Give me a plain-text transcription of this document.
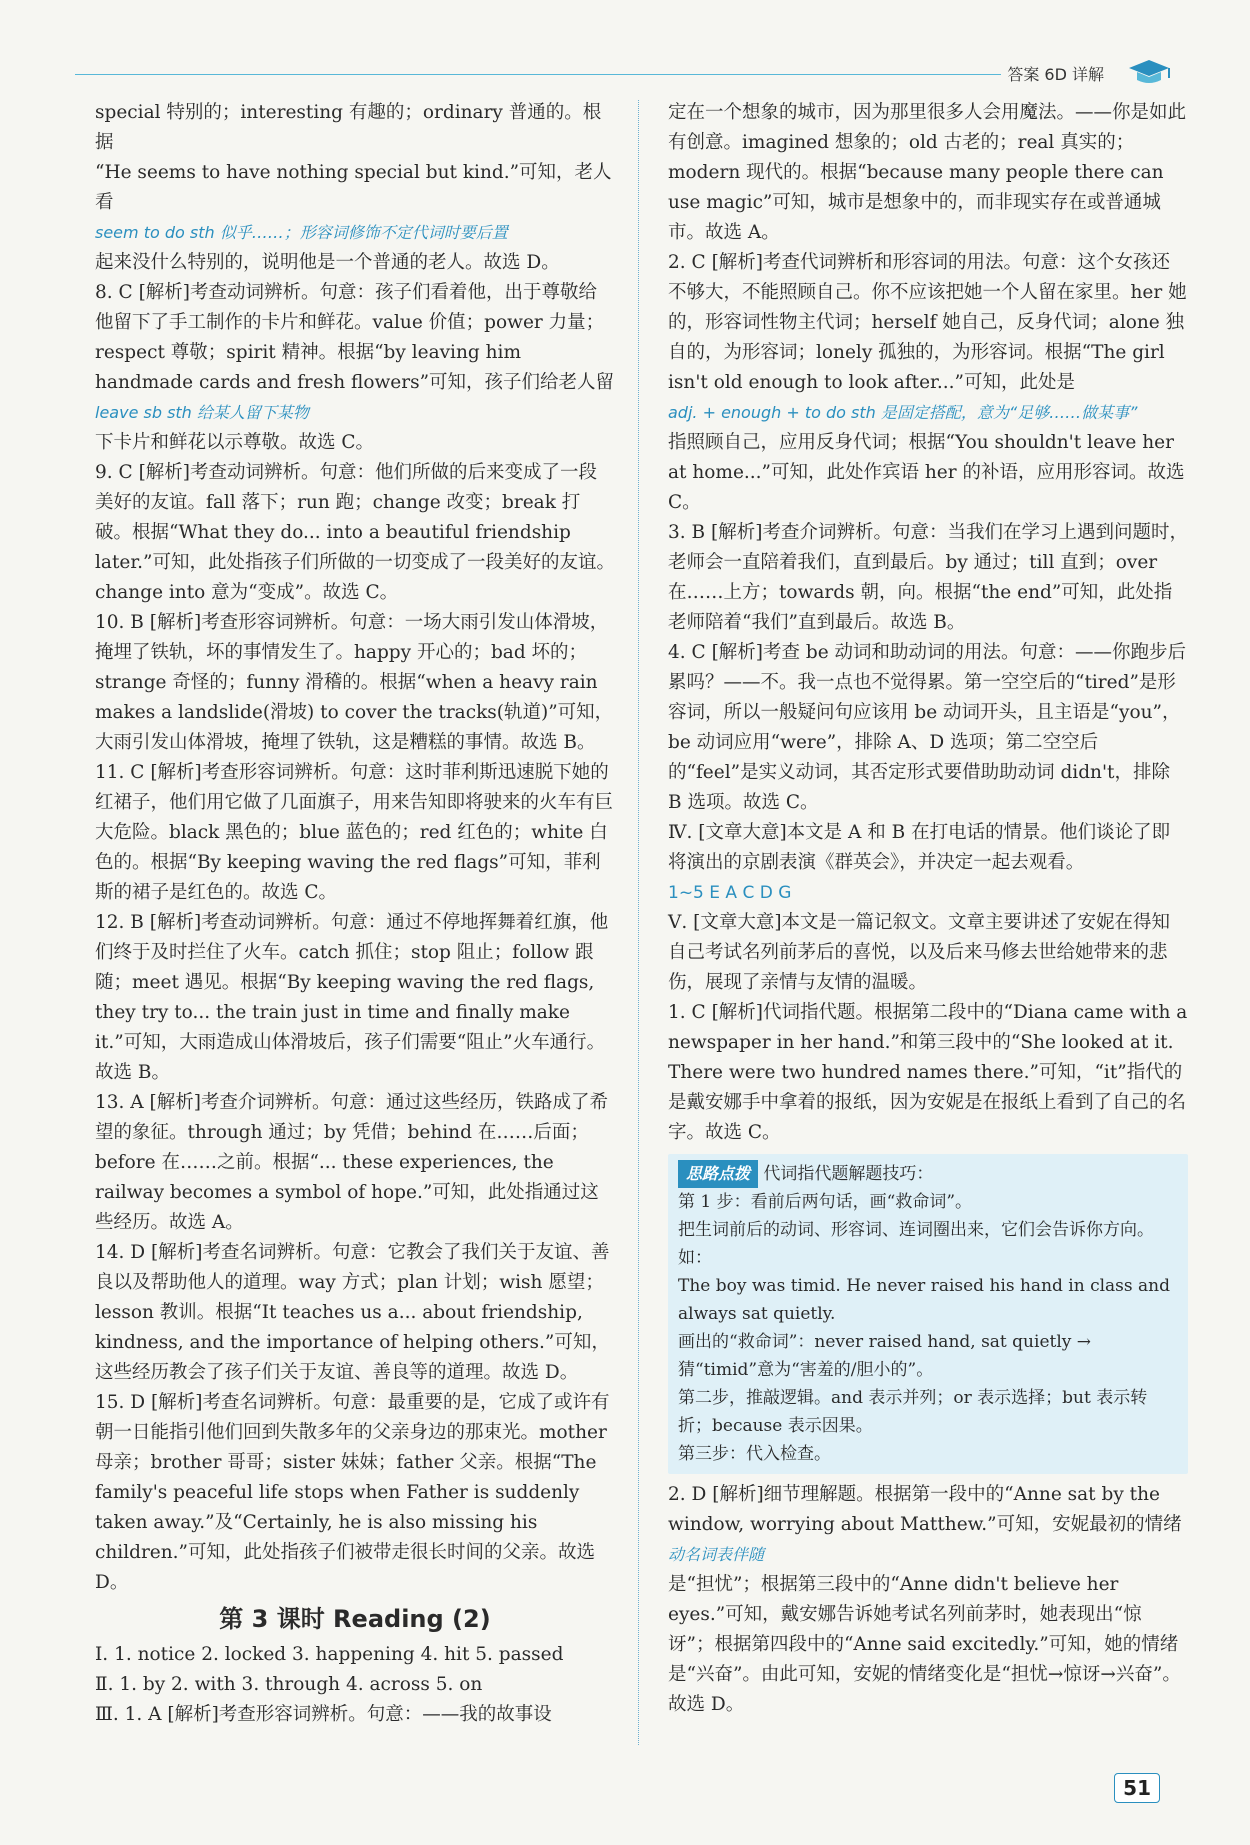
答案 6D 详解

special 特别的；interesting 有趣的；ordinary 普通的。根据

“He seems to have nothing special but kind.”可知，老人看

seem to do sth 似乎……；形容词修饰不定代词时要后置

起来没什么特别的，说明他是一个普通的老人。故选 D。

8. C [解析]考查动词辨析。句意：孩子们看着他，出于尊敬给他留下了手工制作的卡片和鲜花。value 价值；power 力量；respect 尊敬；spirit 精神。根据“by leaving him handmade cards and fresh flowers”可知，孩子们给老人留

leave sb sth 给某人留下某物

下卡片和鲜花以示尊敬。故选 C。

9. C [解析]考查动词辨析。句意：他们所做的后来变成了一段美好的友谊。fall 落下；run 跑；change 改变；break 打破。根据“What they do... into a beautiful friendship later.”可知，此处指孩子们所做的一切变成了一段美好的友谊。change into 意为“变成”。故选 C。

10. B [解析]考查形容词辨析。句意：一场大雨引发山体滑坡，掩埋了铁轨，坏的事情发生了。happy 开心的；bad 坏的；strange 奇怪的；funny 滑稽的。根据“when a heavy rain makes a landslide(滑坡) to cover the tracks(轨道)”可知，大雨引发山体滑坡，掩埋了铁轨，这是糟糕的事情。故选 B。

11. C [解析]考查形容词辨析。句意：这时菲利斯迅速脱下她的红裙子，他们用它做了几面旗子，用来告知即将驶来的火车有巨大危险。black 黑色的；blue 蓝色的；red 红色的；white 白色的。根据“By keeping waving the red flags”可知，菲利斯的裙子是红色的。故选 C。

12. B [解析]考查动词辨析。句意：通过不停地挥舞着红旗，他们终于及时拦住了火车。catch 抓住；stop 阻止；follow 跟随；meet 遇见。根据“By keeping waving the red flags, they try to... the train just in time and finally make it.”可知，大雨造成山体滑坡后，孩子们需要“阻止”火车通行。故选 B。

13. A [解析]考查介词辨析。句意：通过这些经历，铁路成了希望的象征。through 通过；by 凭借；behind 在……后面；before 在……之前。根据“... these experiences, the railway becomes a symbol of hope.”可知，此处指通过这些经历。故选 A。

14. D [解析]考查名词辨析。句意：它教会了我们关于友谊、善良以及帮助他人的道理。way 方式；plan 计划；wish 愿望；lesson 教训。根据“It teaches us a... about friendship, kindness, and the importance of helping others.”可知，这些经历教会了孩子们关于友谊、善良等的道理。故选 D。

15. D [解析]考查名词辨析。句意：最重要的是，它成了或许有朝一日能指引他们回到失散多年的父亲身边的那束光。mother 母亲；brother 哥哥；sister 妹妹；father 父亲。根据“The family's peaceful life stops when Father is suddenly taken away.”及“Certainly, he is also missing his children.”可知，此处指孩子们被带走很长时间的父亲。故选 D。

第 3 课时 Reading (2)

Ⅰ. 1. notice 2. locked 3. happening 4. hit 5. passed

Ⅱ. 1. by 2. with 3. through 4. across 5. on

Ⅲ. 1. A [解析]考查形容词辨析。句意：——我的故事设

定在一个想象的城市，因为那里很多人会用魔法。——你是如此有创意。imagined 想象的；old 古老的；real 真实的；modern 现代的。根据“because many people there can use magic”可知，城市是想象中的，而非现实存在或普通城市。故选 A。

2. C [解析]考查代词辨析和形容词的用法。句意：这个女孩还不够大，不能照顾自己。你不应该把她一个人留在家里。her 她的，形容词性物主代词；herself 她自己，反身代词；alone 独自的，为形容词；lonely 孤独的，为形容词。根据“The girl isn't old enough to look after...”可知，此处是

adj. + enough + to do sth 是固定搭配，意为“足够……做某事”

指照顾自己，应用反身代词；根据“You shouldn't leave her at home...”可知，此处作宾语 her 的补语，应用形容词。故选 C。

3. B [解析]考查介词辨析。句意：当我们在学习上遇到问题时，老师会一直陪着我们，直到最后。by 通过；till 直到；over 在……上方；towards 朝，向。根据“the end”可知，此处指老师陪着“我们”直到最后。故选 B。

4. C [解析]考查 be 动词和助动词的用法。句意：——你跑步后累吗？——不。我一点也不觉得累。第一空空后的“tired”是形容词，所以一般疑问句应该用 be 动词开头，且主语是“you”，be 动词应用“were”，排除 A、D 选项；第二空空后的“feel”是实义动词，其否定形式要借助助动词 didn't，排除 B 选项。故选 C。

Ⅳ. [文章大意]本文是 A 和 B 在打电话的情景。他们谈论了即将演出的京剧表演《群英会》，并决定一起去观看。

1~5 E A C D G

Ⅴ. [文章大意]本文是一篇记叙文。文章主要讲述了安妮在得知自己考试名列前茅后的喜悦，以及后来马修去世给她带来的悲伤，展现了亲情与友情的温暖。

1. C [解析]代词指代题。根据第二段中的“Diana came with a newspaper in her hand.”和第三段中的“She looked at it. There were two hundred names there.”可知，“it”指代的是戴安娜手中拿着的报纸，因为安妮是在报纸上看到了自己的名字。故选 C。

思路点拨 代词指代题解题技巧：
第 1 步：看前后两句话，画“救命词”。
把生词前后的动词、形容词、连词圈出来，它们会告诉你方向。如：
The boy was timid. He never raised his hand in class and always sat quietly.
画出的“救命词”：never raised hand, sat quietly → 猜“timid”意为“害羞的/胆小的”。
第二步，推敲逻辑。and 表示并列；or 表示选择；but 表示转折；because 表示因果。
第三步：代入检查。

2. D [解析]细节理解题。根据第一段中的“Anne sat by the window, worrying about Matthew.”可知，安妮最初的情绪

动名词表伴随

是“担忧”；根据第三段中的“Anne didn't believe her eyes.”可知，戴安娜告诉她考试名列前茅时，她表现出“惊讶”；根据第四段中的“Anne said excitedly.”可知，她的情绪是“兴奋”。由此可知，安妮的情绪变化是“担忧→惊讶→兴奋”。故选 D。

51
